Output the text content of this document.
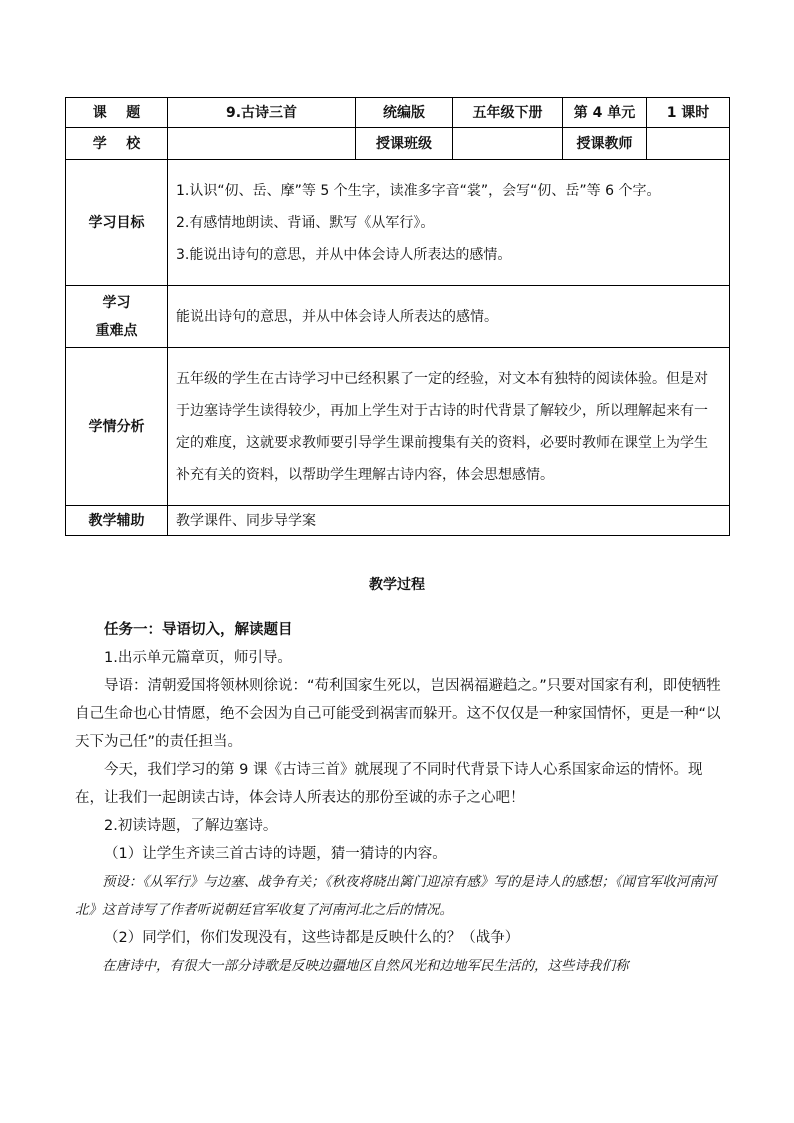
课    题	9.古诗三首	统编版	五年级下册	第 4 单元	1 课时
学    校		授课班级		授课教师	
学习目标	1.认识“仞、岳、摩”等 5 个生字，读准多字音“裳”，会写“仞、岳”等 6 个字。
2.有感情地朗读、背诵、默写《从军行》。
3.能说出诗句的意思，并从中体会诗人所表达的感情。				

学习
重难点	能说出诗句的意思，并从中体会诗人所表达的感情。				
学情分析	五年级的学生在古诗学习中已经积累了一定的经验，对文本有独特的阅读体验。但是对于边塞诗学生读得较少，再加上学生对于古诗的时代背景了解较少，所以理解起来有一定的难度，这就要求教师要引导学生课前搜集有关的资料，必要时教师在课堂上为学生补充有关的资料，以帮助学生理解古诗内容，体会思想感情。				
教学辅助	教学课件、同步导学案				
教学过程

任务一：导语切入，解读题目

1.出示单元篇章页，师引导。

导语：清朝爱国将领林则徐说：“苟利国家生死以，岂因祸福避趋之。”只要对国家有利，即使牺牲自己生命也心甘情愿，绝不会因为自己可能受到祸害而躲开。这不仅仅是一种家国情怀，更是一种“以天下为己任”的责任担当。

今天，我们学习的第 9 课《古诗三首》就展现了不同时代背景下诗人心系国家命运的情怀。现在，让我们一起朗读古诗，体会诗人所表达的那份至诚的赤子之心吧！

2.初读诗题，了解边塞诗。

（1）让学生齐读三首古诗的诗题，猜一猜诗的内容。

预设：《从军行》与边塞、战争有关；《秋夜将晓出篱门迎凉有感》写的是诗人的感想；《闻官军收河南河北》这首诗写了作者听说朝廷官军收复了河南河北之后的情况。

（2）同学们，你们发现没有，这些诗都是反映什么的？（战争）

在唐诗中，有很大一部分诗歌是反映边疆地区自然风光和边地军民生活的，这些诗我们称
